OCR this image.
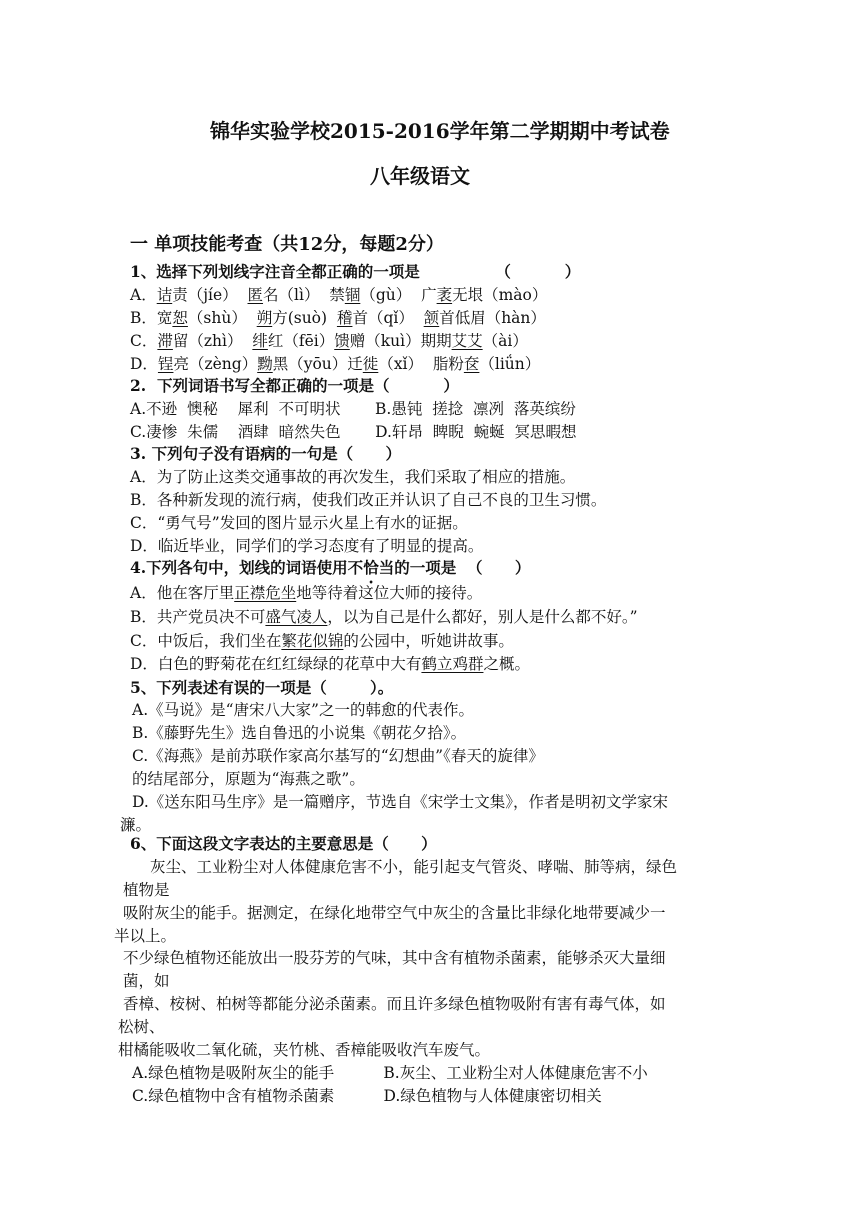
锦华实验学校2015-2016学年第二学期期中考试卷
八年级语文
一 单项技能考查（共12分，每题2分）
1、选择下列划线字注音全都正确的一项是              （          ）
A．诘责（jíe）  匿名（lì）  禁锢（gù）  广袤无垠（mào）
B．宽恕（shù）  朔方(suò)  稽首（qǐ）  颔首低眉（hàn）
C．滞留（zhì）  绯红（fēi）馈赠（kuì）期期艾艾（ài）
D．锃亮（zèng）黝黑（yōu）迁徙（xǐ）  脂粉奁（liǘn）
2.  下列词语书写全都正确的一项是（          ）
A.不逊  懊秘    犀利  不可明状       B.愚钝  搓捻  凛冽  落英缤纷
C.凄惨  朱儒    酒肆  暗然失色       D.轩昂  睥睨  蜿蜒  冥思暇想
3. 下列句子没有语病的一句是（      ）
A．为了防止这类交通事故的再次发生，我们采取了相应的措施。
B．各种新发现的流行病，使我们改正并认识了自己不良的卫生习惯。
C．“勇气号”发回的图片显示火星上有水的证据。
D．临近毕业，同学们的学习态度有了明显的提高。
4.下列各句中，划线的词语使用不恰当的一项是  （      ）
A．他在客厅里正襟危坐地等待着这位大师的接待。
B．共产党员决不可盛气凌人，以为自己是什么都好，别人是什么都不好。”
C．中饭后，我们坐在繁花似锦的公园中，听她讲故事。
D．白色的野菊花在红红绿绿的花草中大有鹤立鸡群之概。
5、下列表述有误的一项是（        ）。
A.《马说》是“唐宋八大家”之一的韩愈的代表作。
B.《藤野先生》选自鲁迅的小说集《朝花夕拾》。
C.《海燕》是前苏联作家高尔基写的“幻想曲”《春天的旋律》
的结尾部分，原题为“海燕之歌”。
D.《送东阳马生序》是一篇赠序，节选自《宋学士文集》，作者是明初文学家宋
濂。
6、下面这段文字表达的主要意思是（      ）
灰尘、工业粉尘对人体健康危害不小，能引起支气管炎、哮喘、肺等病，绿色
植物是
吸附灰尘的能手。据测定，在绿化地带空气中灰尘的含量比非绿化地带要减少一
半以上。
不少绿色植物还能放出一股芬芳的气味，其中含有植物杀菌素，能够杀灭大量细
菌，如
香樟、桉树、柏树等都能分泌杀菌素。而且许多绿色植物吸附有害有毒气体，如
松树、
柑橘能吸收二氧化硫，夹竹桃、香樟能吸收汽车废气。
A.绿色植物是吸附灰尘的能手          B.灰尘、工业粉尘对人体健康危害不小
C.绿色植物中含有植物杀菌素          D.绿色植物与人体健康密切相关
